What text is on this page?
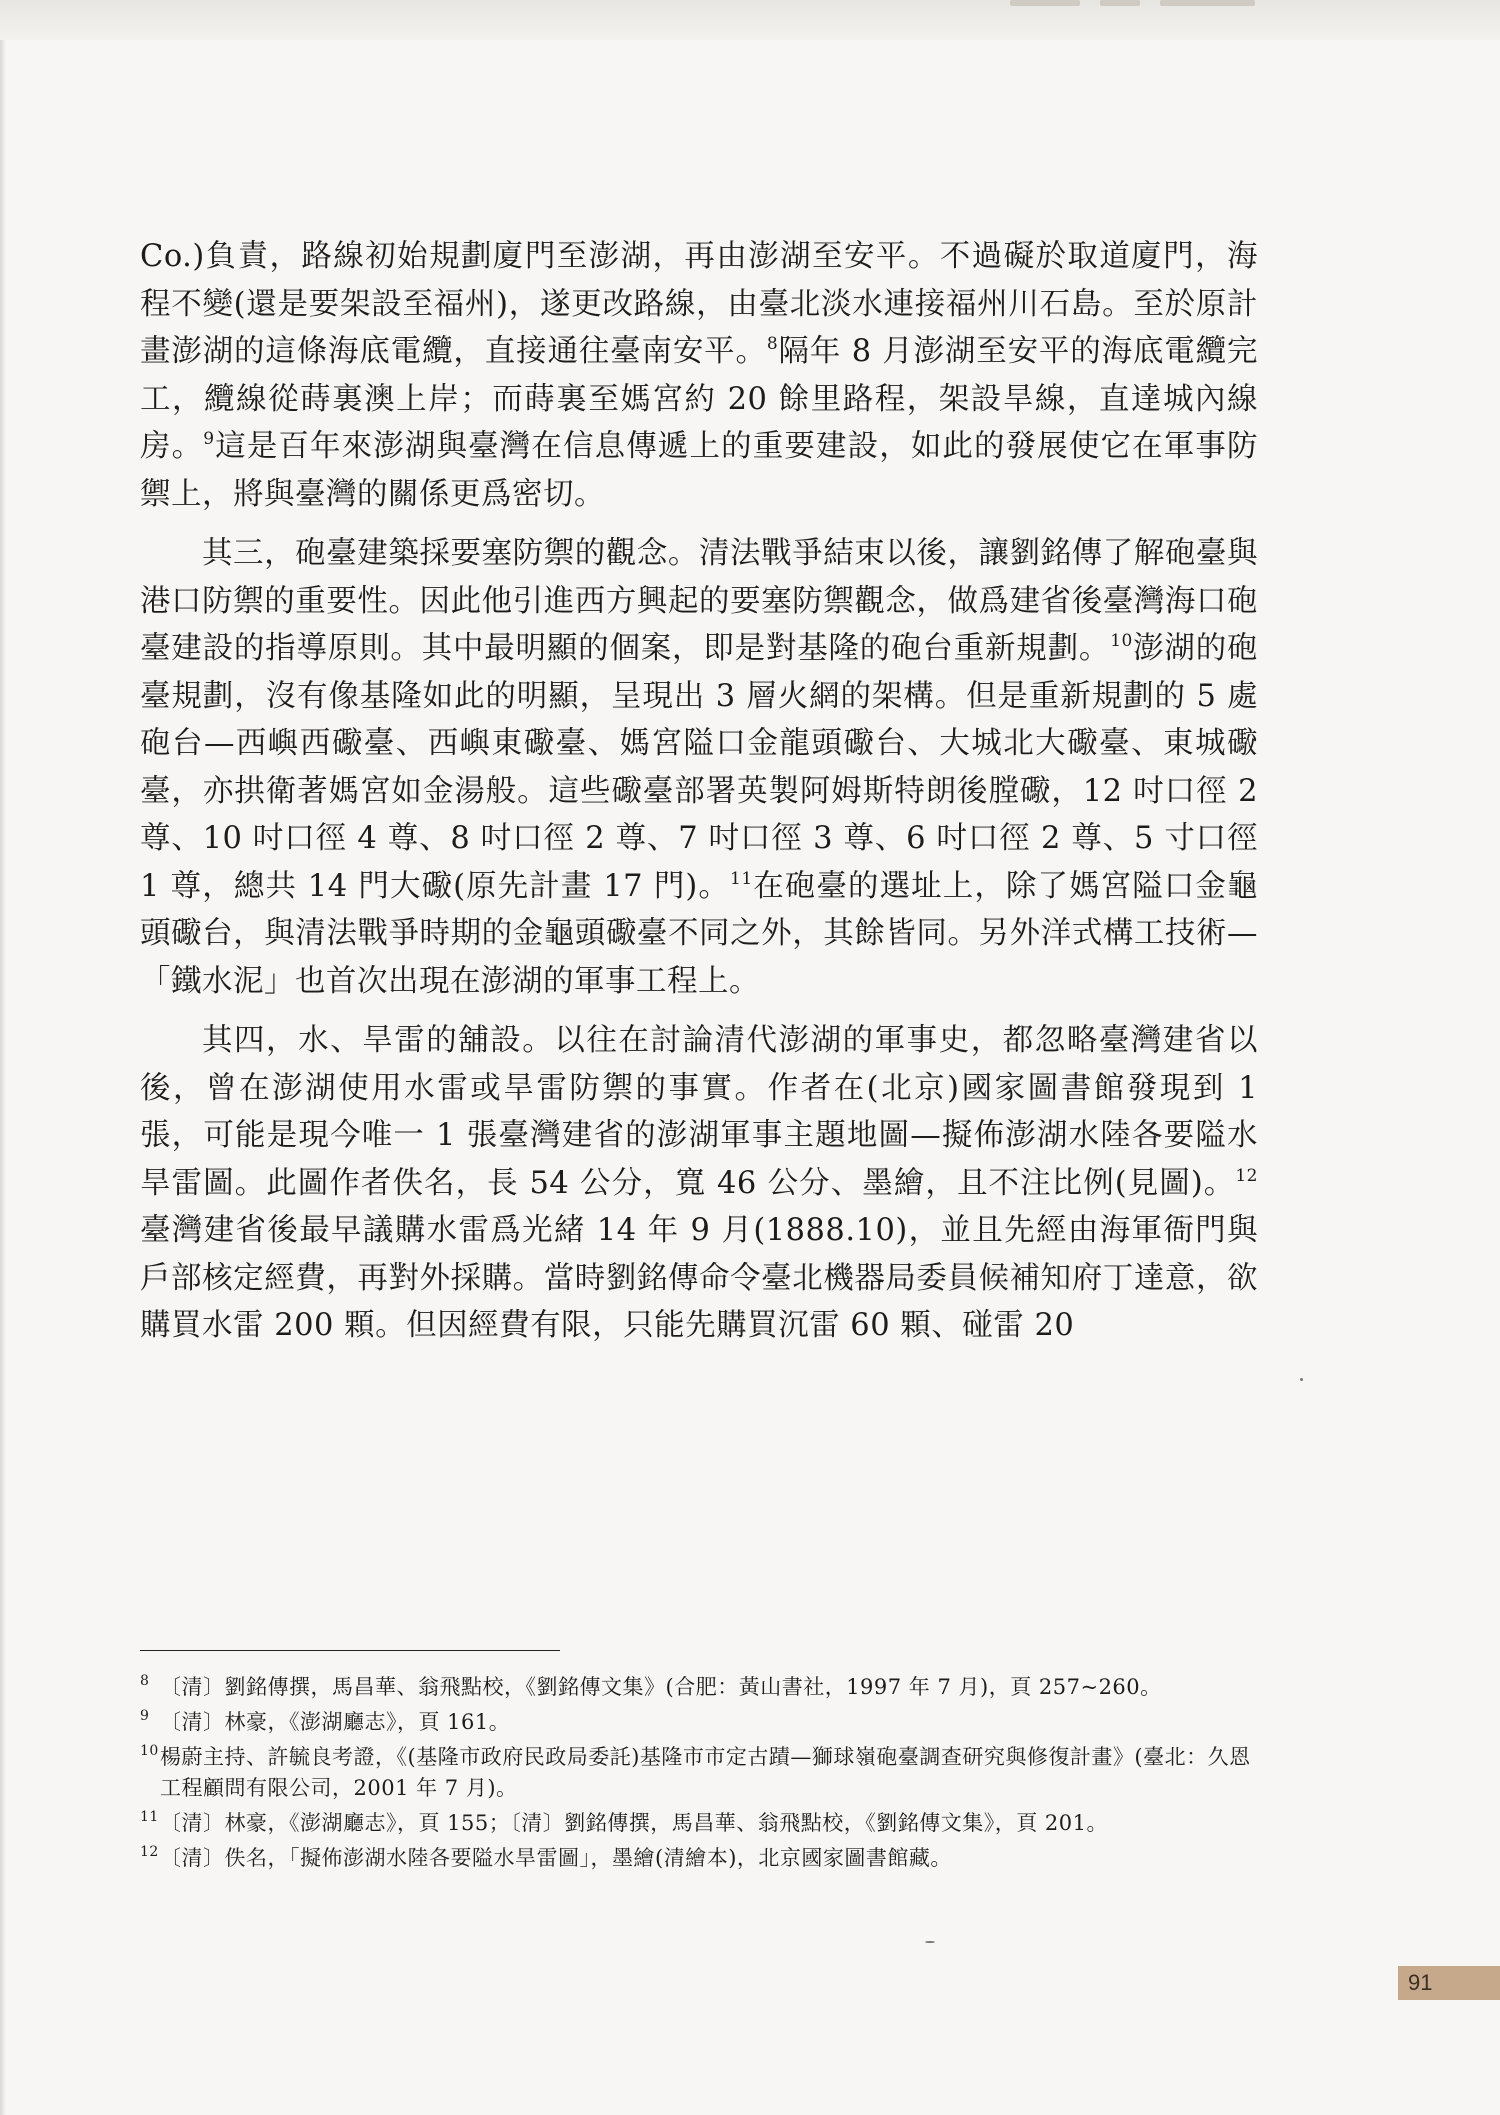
Co.)負責，路線初始規劃廈門至澎湖，再由澎湖至安平。不過礙於取道廈門，海程不變(還是要架設至福州)，遂更改路線，由臺北淡水連接福州川石島。至於原計畫澎湖的這條海底電纜，直接通往臺南安平。$^8$隔年 8 月澎湖至安平的海底電纜完工，纜線從蒔裏澳上岸；而蒔裏至媽宮約 20 餘里路程，架設旱線，直達城內線房。$^9$這是百年來澎湖與臺灣在信息傳遞上的重要建設，如此的發展使它在軍事防禦上，將與臺灣的關係更爲密切。

其三，砲臺建築採要塞防禦的觀念。清法戰爭結束以後，讓劉銘傳了解砲臺與港口防禦的重要性。因此他引進西方興起的要塞防禦觀念，做爲建省後臺灣海口砲臺建設的指導原則。其中最明顯的個案，即是對基隆的砲台重新規劃。$^{10}$澎湖的砲臺規劃，沒有像基隆如此的明顯，呈現出 3 層火網的架構。但是重新規劃的 5 處砲台—西嶼西礮臺、西嶼東礮臺、媽宮隘口金龍頭礮台、大城北大礮臺、東城礮臺，亦拱衛著媽宮如金湯般。這些礮臺部署英製阿姆斯特朗後膛礮，12 吋口徑 2 尊、10 吋口徑 4 尊、8 吋口徑 2 尊、7 吋口徑 3 尊、6 吋口徑 2 尊、5 寸口徑 1 尊，總共 14 門大礮(原先計畫 17 門)。$^{11}$在砲臺的選址上，除了媽宮隘口金龜頭礮台，與清法戰爭時期的金龜頭礮臺不同之外，其餘皆同。另外洋式構工技術—「鐵水泥」也首次出現在澎湖的軍事工程上。

其四，水、旱雷的舖設。以往在討論清代澎湖的軍事史，都忽略臺灣建省以後，曾在澎湖使用水雷或旱雷防禦的事實。作者在(北京)國家圖書館發現到 1 張，可能是現今唯一 1 張臺灣建省的澎湖軍事主題地圖—擬佈澎湖水陸各要隘水旱雷圖。此圖作者佚名，長 54 公分，寬 46 公分、墨繪，且不注比例(見圖)。$^{12}$臺灣建省後最早議購水雷爲光緒 14 年 9 月(1888.10)，並且先經由海軍衙門與戶部核定經費，再對外採購。當時劉銘傳命令臺北機器局委員候補知府丁達意，欲購買水雷 200 顆。但因經費有限，只能先購買沉雷 60 顆、碰雷 20

8 〔清〕劉銘傳撰，馬昌華、翁飛點校，《劉銘傳文集》(合肥：黃山書社，1997 年 7 月)，頁 257~260。
9 〔清〕林豪，《澎湖廳志》，頁 161。
10 楊蔚主持、許毓良考證，《(基隆市政府民政局委託)基隆市市定古蹟—獅球嶺砲臺調查研究與修復計畫》(臺北：久恩工程顧問有限公司，2001 年 7 月)。
11 〔清〕林豪，《澎湖廳志》，頁 155；〔清〕劉銘傳撰，馬昌華、翁飛點校，《劉銘傳文集》，頁 201。
12 〔清〕佚名，「擬佈澎湖水陸各要隘水旱雷圖」，墨繪(清繪本)，北京國家圖書館藏。
91
